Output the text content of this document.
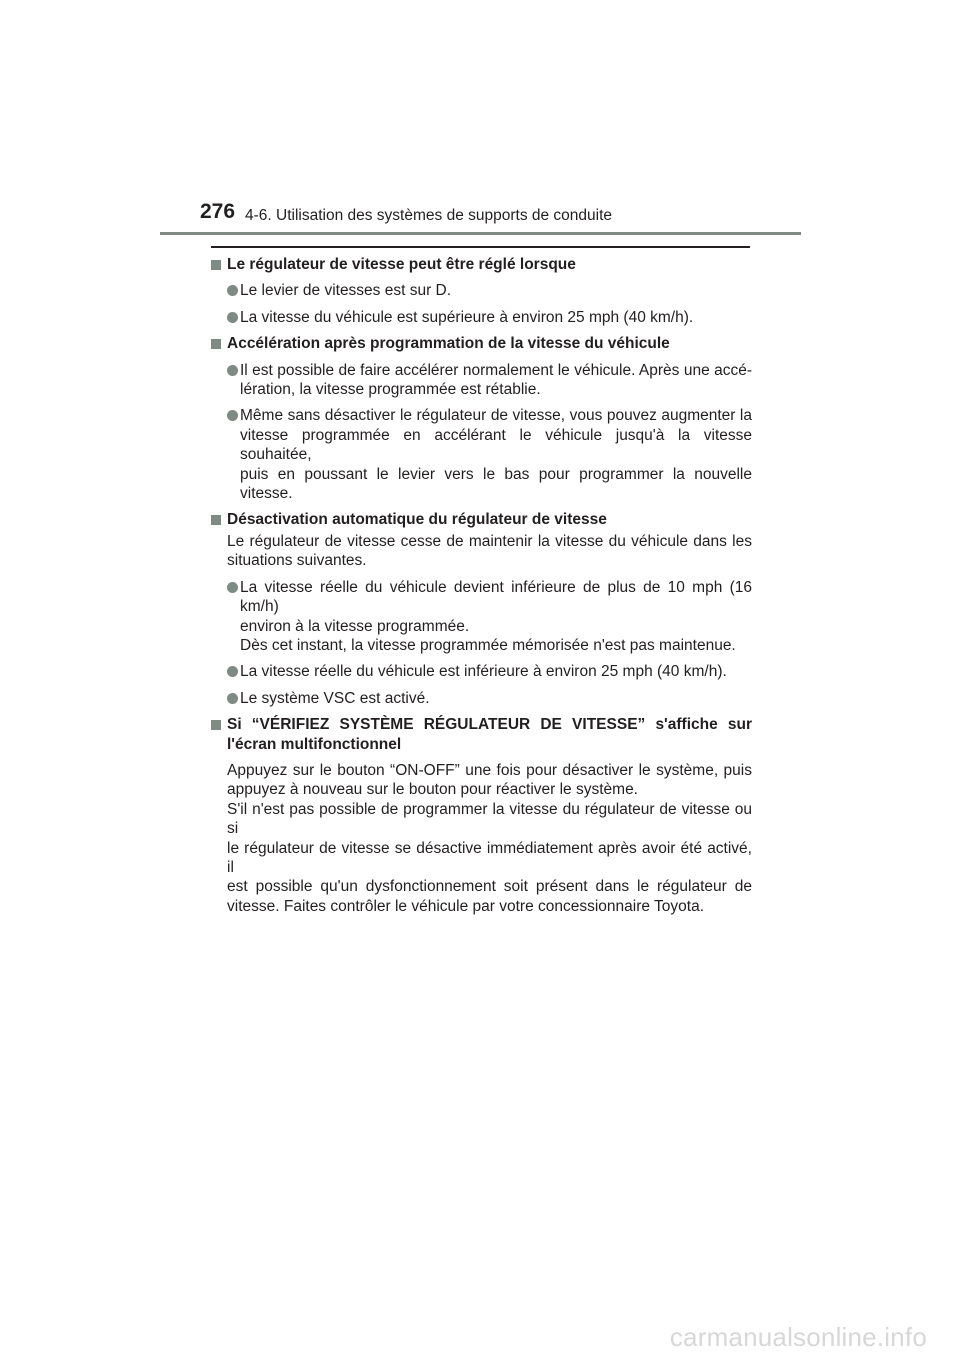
276 4-6. Utilisation des systèmes de supports de conduite
Le régulateur de vitesse peut être réglé lorsque
Le levier de vitesses est sur D.
La vitesse du véhicule est supérieure à environ 25 mph (40 km/h).
Accélération après programmation de la vitesse du véhicule
Il est possible de faire accélérer normalement le véhicule. Après une accé-
lération, la vitesse programmée est rétablie.
Même sans désactiver le régulateur de vitesse, vous pouvez augmenter la
vitesse programmée en accélérant le véhicule jusqu'à la vitesse souhaitée,
puis en poussant le levier vers le bas pour programmer la nouvelle vitesse.
Désactivation automatique du régulateur de vitesse
Le régulateur de vitesse cesse de maintenir la vitesse du véhicule dans les
situations suivantes.
La vitesse réelle du véhicule devient inférieure de plus de 10 mph (16 km/h)
environ à la vitesse programmée.
Dès cet instant, la vitesse programmée mémorisée n'est pas maintenue.
La vitesse réelle du véhicule est inférieure à environ 25 mph (40 km/h).
Le système VSC est activé.
Si “VÉRIFIEZ SYSTÈME RÉGULATEUR DE VITESSE” s'affiche sur
l'écran multifonctionnel
Appuyez sur le bouton “ON-OFF” une fois pour désactiver le système, puis
appuyez à nouveau sur le bouton pour réactiver le système.
S'il n'est pas possible de programmer la vitesse du régulateur de vitesse ou si
le régulateur de vitesse se désactive immédiatement après avoir été activé, il
est possible qu'un dysfonctionnement soit présent dans le régulateur de
vitesse. Faites contrôler le véhicule par votre concessionnaire Toyota.
carmanualsonline.info
